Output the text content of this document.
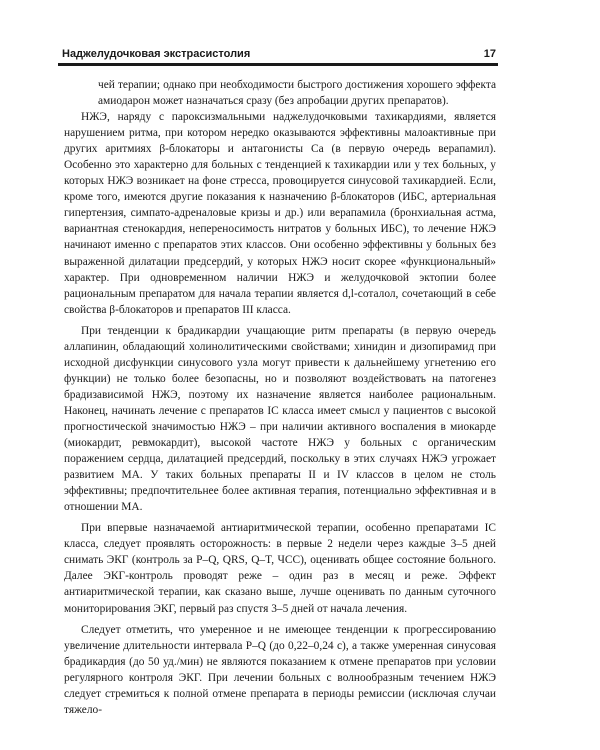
Наджелудочковая экстрасистолия	17

чей терапии; однако при необходимости быстрого достижения хорошего эффекта амиодарон может назначаться сразу (без апробации других препаратов).

НЖЭ, наряду с пароксизмальными наджелудочковыми тахикардиями, является нарушением ритма, при котором нередко оказываются эффективны малоактивные при других аритмиях β-блокаторы и антагонисты Ca (в первую очередь верапамил). Особенно это характерно для больных с тенденцией к тахикардии или у тех больных, у которых НЖЭ возникает на фоне стресса, провоцируется синусовой тахикардией. Если, кроме того, имеются другие показания к назначению β-блокаторов (ИБС, артериальная гипертензия, симпато-адреналовые кризы и др.) или верапамила (бронхиальная астма, вариантная стенокардия, непереносимость нитратов у больных ИБС), то лечение НЖЭ начинают именно с препаратов этих классов. Они особенно эффективны у больных без выраженной дилатации предсердий, у которых НЖЭ носит скорее «функциональный» характер. При одновременном наличии НЖЭ и желудочковой эктопии более рациональным препаратом для начала терапии является d,l-соталол, сочетающий в себе свойства β-блокаторов и препаратов III класса.

При тенденции к брадикардии учащающие ритм препараты (в первую очередь аллапинин, обладающий холинолитическими свойствами; хинидин и дизопирамид при исходной дисфункции синусового узла могут привести к дальнейшему угнетению его функции) не только более безопасны, но и позволяют воздействовать на патогенез брадизависимой НЖЭ, поэтому их назначение является наиболее рациональным. Наконец, начинать лечение с препаратов IC класса имеет смысл у пациентов с высокой прогностической значимостью НЖЭ – при наличии активного воспаления в миокарде (миокардит, ревмокардит), высокой частоте НЖЭ у больных с органическим поражением сердца, дилатацией предсердий, поскольку в этих случаях НЖЭ угрожает развитием МА. У таких больных препараты II и IV классов в целом не столь эффективны; предпочтительнее более активная терапия, потенциально эффективная и в отношении МА.

При впервые назначаемой антиаритмической терапии, особенно препаратами IC класса, следует проявлять осторожность: в первые 2 недели через каждые 3–5 дней снимать ЭКГ (контроль за P–Q, QRS, Q–T, ЧСС), оценивать общее состояние больного. Далее ЭКГ-контроль проводят реже – один раз в месяц и реже. Эффект антиаритмической терапии, как сказано выше, лучше оценивать по данным суточного мониторирования ЭКГ, первый раз спустя 3–5 дней от начала лечения.

Следует отметить, что умеренное и не имеющее тенденции к прогрессированию увеличение длительности интервала P–Q (до 0,22–0,24 с), а также умеренная синусовая брадикардия (до 50 уд./мин) не являются показанием к отмене препаратов при условии регулярного контроля ЭКГ. При лечении больных с волнообразным течением НЖЭ следует стремиться к полной отмене препарата в периоды ремиссии (исключая случаи тяжело-
